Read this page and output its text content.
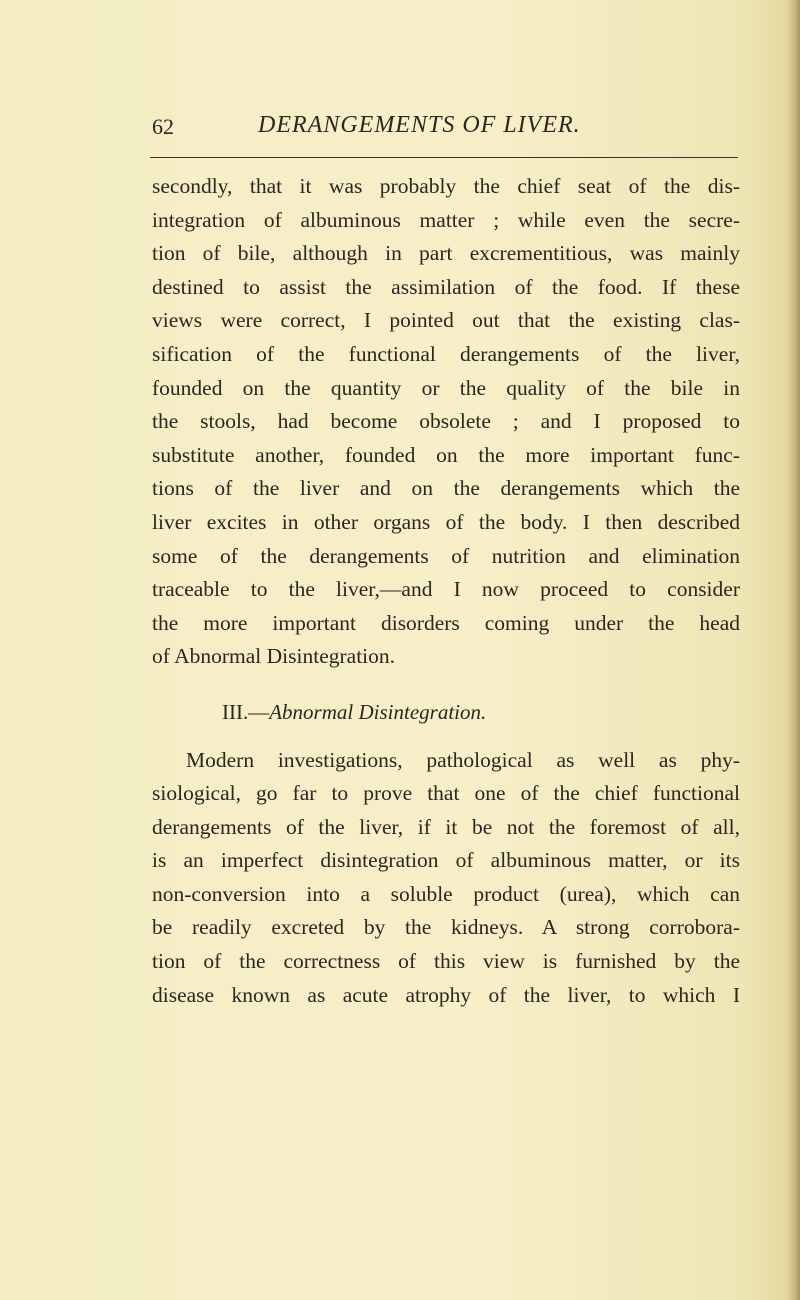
62	DERANGEMENTS OF LIVER.
secondly, that it was probably the chief seat of the dis-
integration of albuminous matter ; while even the secre-
tion of bile, although in part excrementitious, was mainly
destined to assist the assimilation of the food. If these
views were correct, I pointed out that the existing clas-
sification of the functional derangements of the liver,
founded on the quantity or the quality of the bile in
the stools, had become obsolete ; and I proposed to
substitute another, founded on the more important func-
tions of the liver and on the derangements which the
liver excites in other organs of the body. I then described
some of the derangements of nutrition and elimination
traceable to the liver,—and I now proceed to consider
the more important disorders coming under the head
of Abnormal Disintegration.
III.—Abnormal Disintegration.
Modern investigations, pathological as well as phy-
siological, go far to prove that one of the chief functional
derangements of the liver, if it be not the foremost of all,
is an imperfect disintegration of albuminous matter, or its
non-conversion into a soluble product (urea), which can
be readily excreted by the kidneys. A strong corrobora-
tion of the correctness of this view is furnished by the
disease known as acute atrophy of the liver, to which I
